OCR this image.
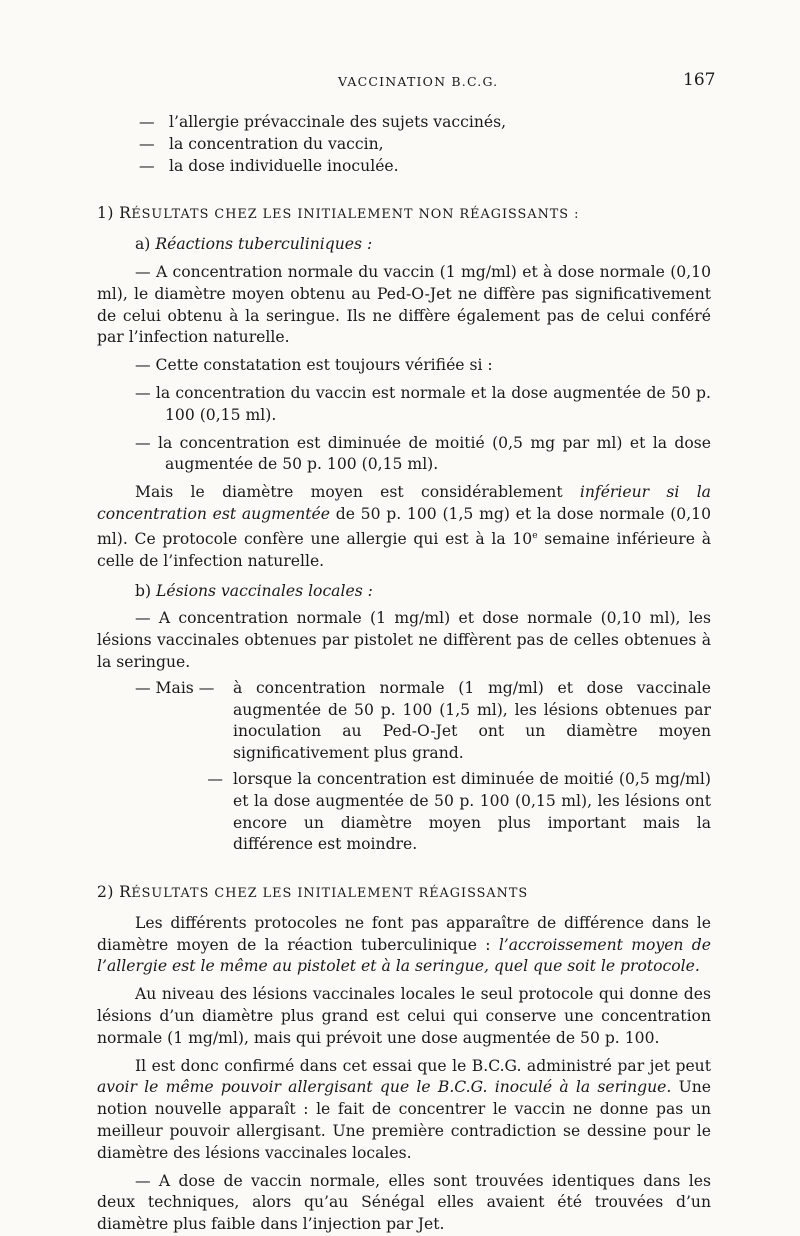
VACCINATION B.C.G.	167

— l’allergie prévaccinale des sujets vaccinés,

— la concentration du vaccin,

— la dose individuelle inoculée.

1) RÉSULTATS CHEZ LES INITIALEMENT NON RÉAGISSANTS :

a) Réactions tuberculiniques :

— A concentration normale du vaccin (1 mg/ml) et à dose normale (0,10 ml), le diamètre moyen obtenu au Ped-O-Jet ne diffère pas significativement de celui obtenu à la seringue. Ils ne diffère également pas de celui conféré par l’infection naturelle.

— Cette constatation est toujours vérifiée si :

— la concentration du vaccin est normale et la dose augmentée de 50 p. 100 (0,15 ml).

— la concentration est diminuée de moitié (0,5 mg par ml) et la dose augmentée de 50 p. 100 (0,15 ml).

Mais le diamètre moyen est considérablement inférieur si la concentration est augmentée de 50 p. 100 (1,5 mg) et la dose normale (0,10 ml). Ce protocole confère une allergie qui est à la 10e semaine inférieure à celle de l’infection naturelle.

b) Lésions vaccinales locales :

— A concentration normale (1 mg/ml) et dose normale (0,10 ml), les lésions vaccinales obtenues par pistolet ne diffèrent pas de celles obtenues à la seringue.

— Mais —	à concentration normale (1 mg/ml) et dose vaccinale augmentée de 50 p. 100 (1,5 ml), les lésions obtenues par inoculation au Ped-O-Jet ont un diamètre moyen significativement plus grand.

— lorsque la concentration est diminuée de moitié (0,5 mg/ml) et la dose augmentée de 50 p. 100 (0,15 ml), les lésions ont encore un diamètre moyen plus important mais la différence est moindre.

2) RÉSULTATS CHEZ LES INITIALEMENT RÉAGISSANTS

Les différents protocoles ne font pas apparaître de différence dans le diamètre moyen de la réaction tuberculinique : l’accroissement moyen de l’allergie est le même au pistolet et à la seringue, quel que soit le protocole.

Au niveau des lésions vaccinales locales le seul protocole qui donne des lésions d’un diamètre plus grand est celui qui conserve une concentration normale (1 mg/ml), mais qui prévoit une dose augmentée de 50 p. 100.

Il est donc confirmé dans cet essai que le B.C.G. administré par jet peut avoir le même pouvoir allergisant que le B.C.G. inoculé à la seringue. Une notion nouvelle apparaît : le fait de concentrer le vaccin ne donne pas un meilleur pouvoir allergisant. Une première contradiction se dessine pour le diamètre des lésions vaccinales locales.

— A dose de vaccin normale, elles sont trouvées identiques dans les deux techniques, alors qu’au Sénégal elles avaient été trouvées d’un diamètre plus faible dans l’injection par Jet.
